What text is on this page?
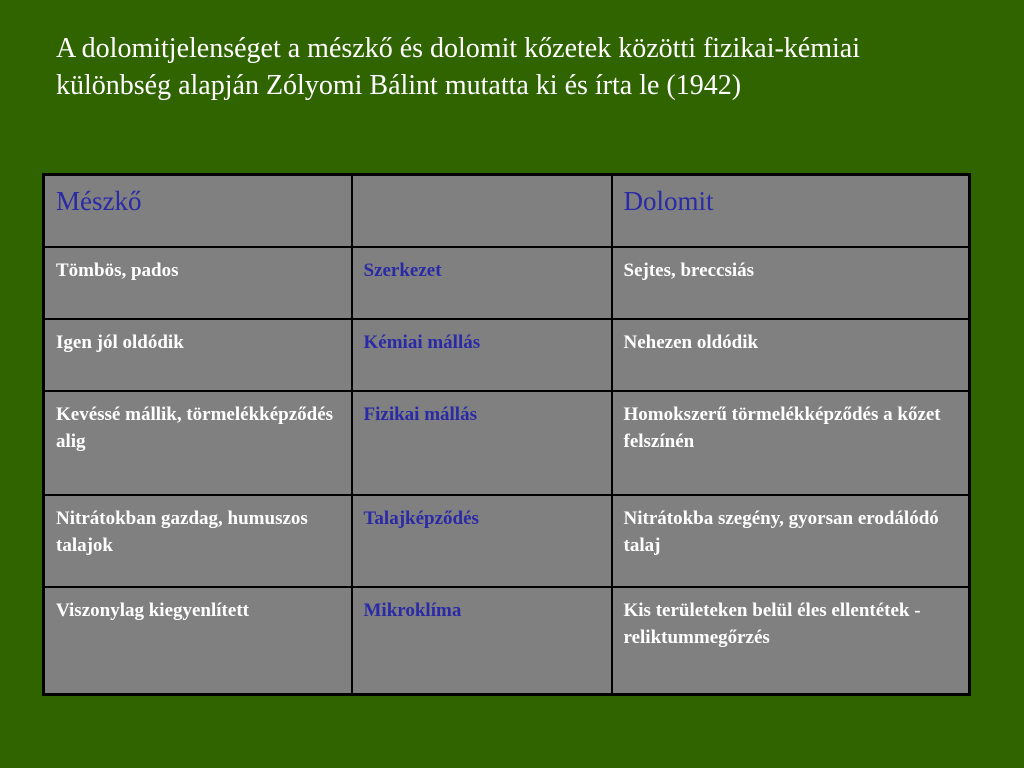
A dolomitjelenséget a mészkő és dolomit kőzetek közötti fizikai-kémiai különbség alapján Zólyomi Bálint mutatta ki és írta le (1942)
Mészkő		Dolomit
Tömbös, pados	Szerkezet	Sejtes, breccsiás
Igen jól oldódik	Kémiai mállás	Nehezen oldódik
Kevéssé mállik, törmelékképződés alig	Fizikai mállás	Homokszerű törmelékképződés a kőzet felszínén
Nitrátokban gazdag, humuszos talajok	Talajképződés	Nitrátokba szegény, gyorsan erodálódó talaj
Viszonylag kiegyenlített	Mikroklíma	Kis területeken belül éles ellentétek - reliktummegőrzés
